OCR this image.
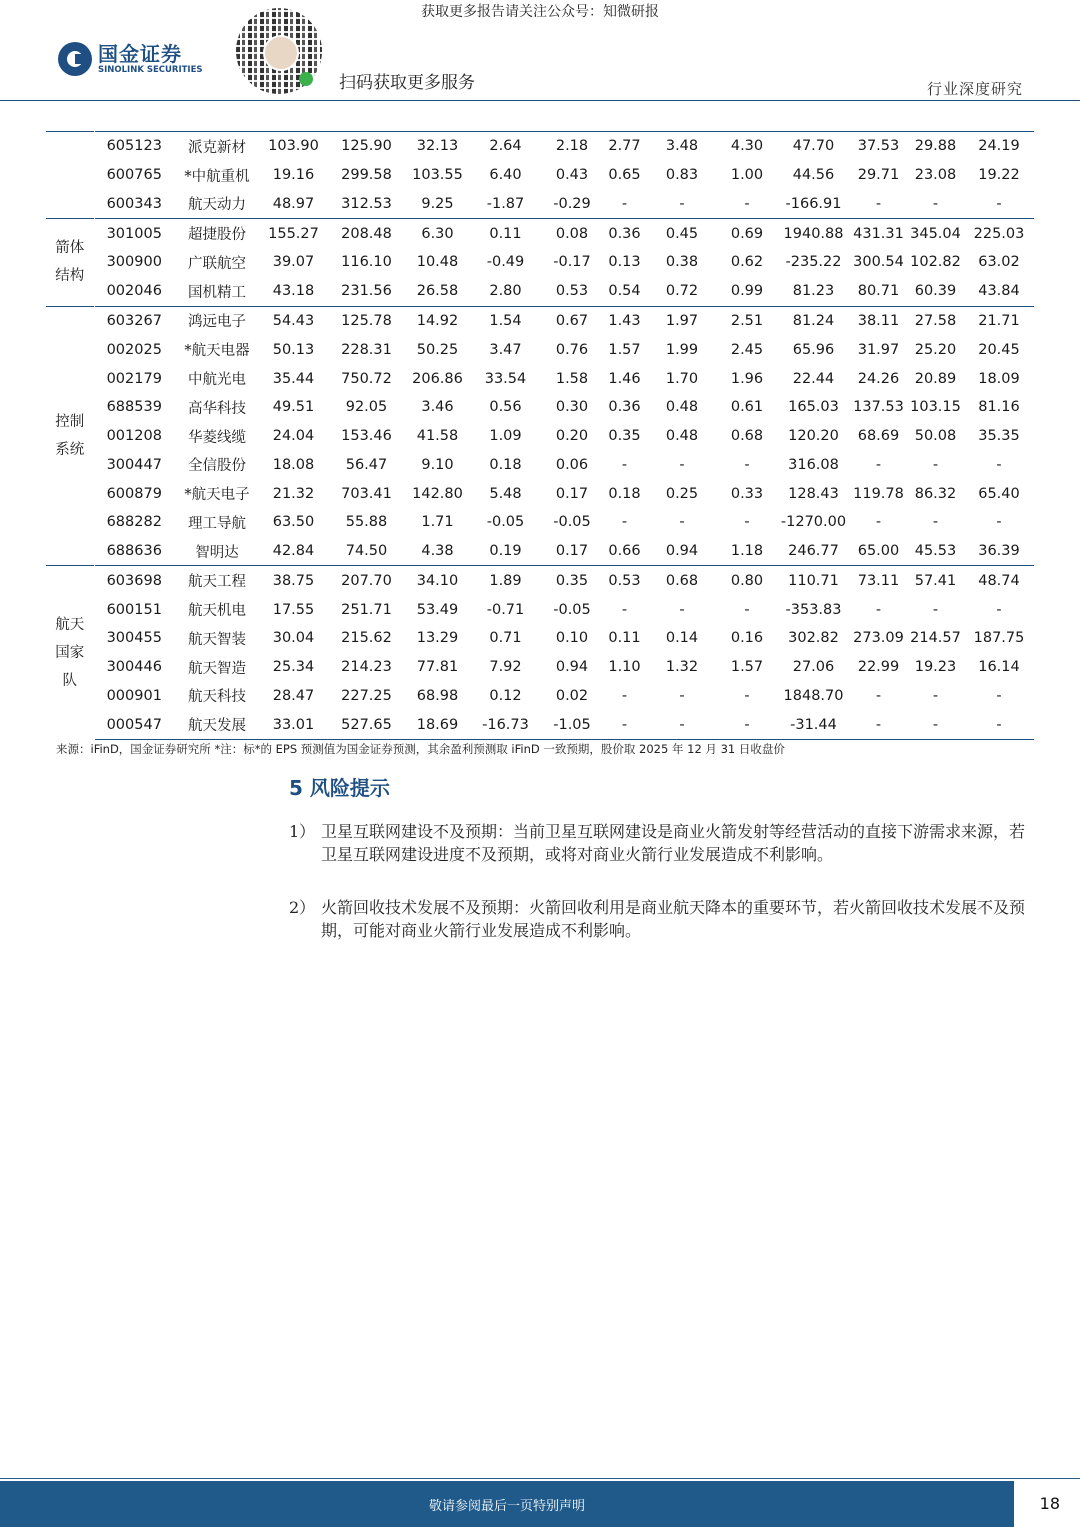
获取更多报告请关注公众号：知微研报
国金证券
SINOLINK SECURITIES
扫码获取更多服务	行业深度研究
	605123	派克新材	103.90	125.90	32.13	2.64	2.18	2.77	3.48	4.30	47.70	37.53	29.88	24.19
	600765	*中航重机	19.16	299.58	103.55	6.40	0.43	0.65	0.83	1.00	44.56	29.71	23.08	19.22
	600343	航天动力	48.97	312.53	9.25	-1.87	-0.29	-	-	-	-166.91	-	-	-
箭体
结构	301005	超捷股份	155.27	208.48	6.30	0.11	0.08	0.36	0.45	0.69	1940.88	431.31	345.04	225.03
	300900	广联航空	39.07	116.10	10.48	-0.49	-0.17	0.13	0.38	0.62	-235.22	300.54	102.82	63.02
	002046	国机精工	43.18	231.56	26.58	2.80	0.53	0.54	0.72	0.99	81.23	80.71	60.39	43.84
控制
系统	603267	鸿远电子	54.43	125.78	14.92	1.54	0.67	1.43	1.97	2.51	81.24	38.11	27.58	21.71
	002025	*航天电器	50.13	228.31	50.25	3.47	0.76	1.57	1.99	2.45	65.96	31.97	25.20	20.45
	002179	中航光电	35.44	750.72	206.86	33.54	1.58	1.46	1.70	1.96	22.44	24.26	20.89	18.09
	688539	高华科技	49.51	92.05	3.46	0.56	0.30	0.36	0.48	0.61	165.03	137.53	103.15	81.16
	001208	华菱线缆	24.04	153.46	41.58	1.09	0.20	0.35	0.48	0.68	120.20	68.69	50.08	35.35
	300447	全信股份	18.08	56.47	9.10	0.18	0.06	-	-	-	316.08	-	-	-
	600879	*航天电子	21.32	703.41	142.80	5.48	0.17	0.18	0.25	0.33	128.43	119.78	86.32	65.40
	688282	理工导航	63.50	55.88	1.71	-0.05	-0.05	-	-	-	-1270.00	-	-	-
	688636	智明达	42.84	74.50	4.38	0.19	0.17	0.66	0.94	1.18	246.77	65.00	45.53	36.39
航天
国家
队	603698	航天工程	38.75	207.70	34.10	1.89	0.35	0.53	0.68	0.80	110.71	73.11	57.41	48.74
	600151	航天机电	17.55	251.71	53.49	-0.71	-0.05	-	-	-	-353.83	-	-	-
	300455	航天智装	30.04	215.62	13.29	0.71	0.10	0.11	0.14	0.16	302.82	273.09	214.57	187.75
	300446	航天智造	25.34	214.23	77.81	7.92	0.94	1.10	1.32	1.57	27.06	22.99	19.23	16.14
	000901	航天科技	28.47	227.25	68.98	0.12	0.02	-	-	-	1848.70	-	-	-
	000547	航天发展	33.01	527.65	18.69	-16.73	-1.05	-	-	-	-31.44	-	-	-
来源：iFinD，国金证券研究所 *注：标*的 EPS 预测值为国金证券预测，其余盈利预测取 iFinD 一致预期，股价取 2025 年 12 月 31 日收盘价
5 风险提示
1） 卫星互联网建设不及预期：当前卫星互联网建设是商业火箭发射等经营活动的直接下游需求来源，若卫星互联网建设进度不及预期，或将对商业火箭行业发展造成不利影响。
2） 火箭回收技术发展不及预期：火箭回收利用是商业航天降本的重要环节，若火箭回收技术发展不及预期，可能对商业火箭行业发展造成不利影响。
敬请参阅最后一页特别声明	18
